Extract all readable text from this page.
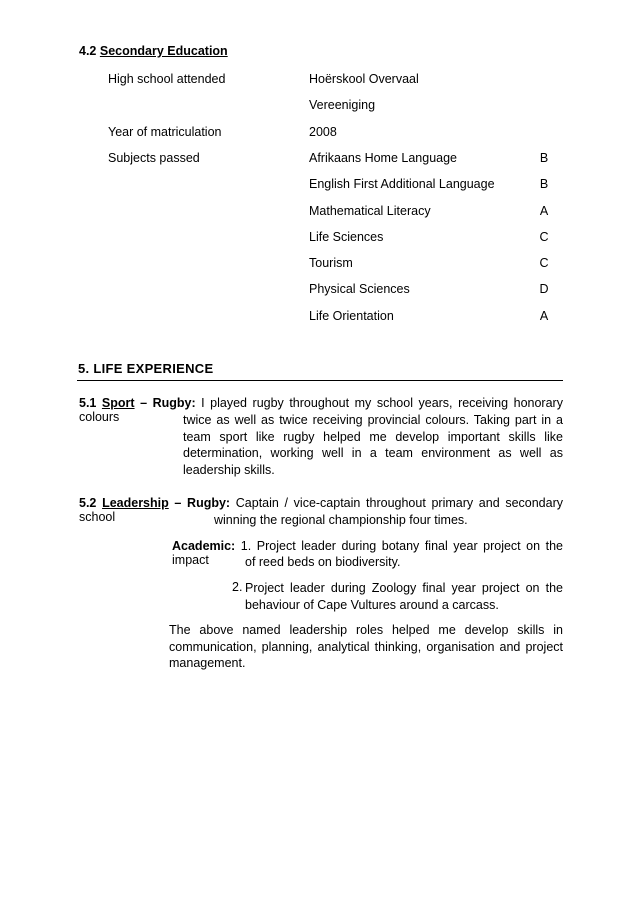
4.2 Secondary Education
High school attended	Hoërskool Overvaal
Vereeniging
Year of matriculation	2008
Subjects passed	Afrikaans Home Language	B
English First Additional Language	B
Mathematical Literacy	A
Life Sciences	C
Tourism	C
Physical Sciences	D
Life Orientation	A
5. LIFE EXPERIENCE
5.1 Sport – Rugby: I played rugby throughout my school years, receiving honorary colours	twice as well as twice receiving provincial colours. Taking part in a team sport like rugby helped me develop important skills like determination, working well in a team environment as well as leadership skills.
5.2 Leadership – Rugby: Captain / vice-captain throughout primary and secondary school	winning the regional championship four times.
Academic: 1. Project leader during botany final year project on the impact	of reed beds on biodiversity.
2. Project leader during Zoology final year project on the behaviour of Cape Vultures around a carcass.
The above named leadership roles helped me develop skills in communication, planning, analytical thinking, organisation and project management.
